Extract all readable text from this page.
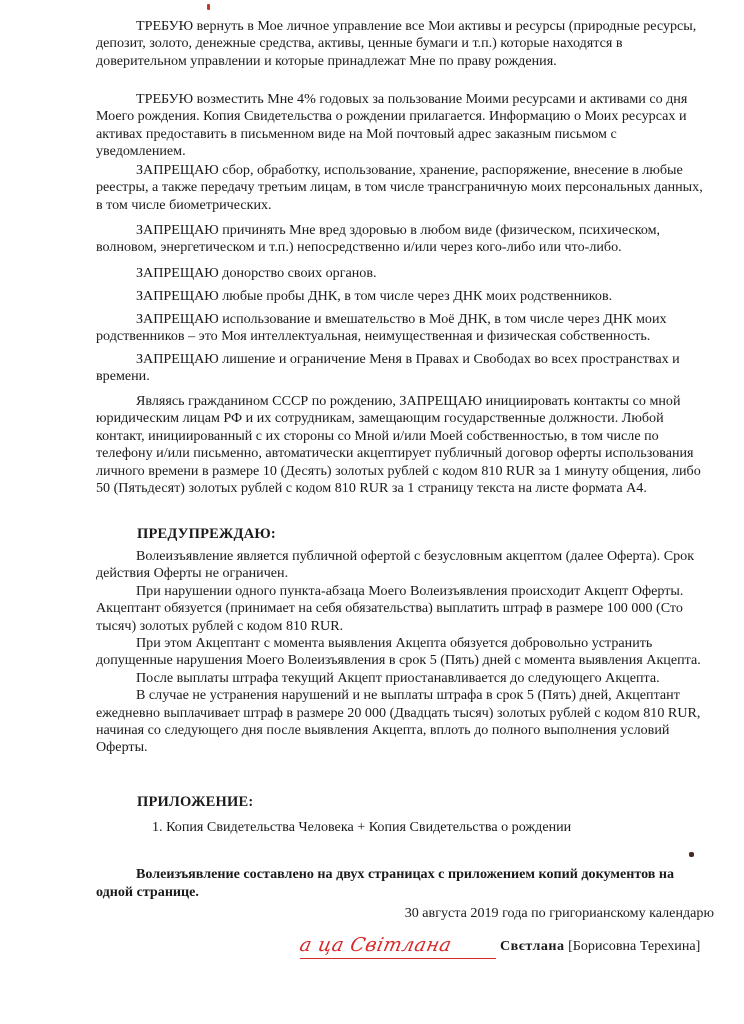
ТРЕБУЮ вернуть в Мое личное управление все Мои активы и ресурсы (природные ресурсы, депозит, золото, денежные средства, активы, ценные бумаги и т.п.) которые находятся в доверительном управлении и которые принадлежат Мне по праву рождения.

ТРЕБУЮ возместить Мне 4% годовых за пользование Моими ресурсами и активами со дня Моего рождения. Копия Свидетельства о рождении прилагается. Информацию о Моих ресурсах и активах предоставить в письменном виде на Мой почтовый адрес заказным письмом с уведомлением.

ЗАПРЕЩАЮ сбор, обработку, использование, хранение, распоряжение, внесение в любые реестры, а также передачу третьим лицам, в том числе трансграничную моих персональных данных, в том числе биометрических.

ЗАПРЕЩАЮ причинять Мне вред здоровью в любом виде (физическом, психическом, волновом, энергетическом и т.п.) непосредственно и/или через кого-либо или что-либо.

ЗАПРЕЩАЮ донорство своих органов.

ЗАПРЕЩАЮ любые пробы ДНК, в том числе через ДНК моих родственников.

ЗАПРЕЩАЮ использование и вмешательство в Моё ДНК, в том числе через ДНК моих родственников – это Моя интеллектуальная, неимущественная и физическая собственность.

ЗАПРЕЩАЮ лишение и ограничение Меня в Правах и Свободах во всех пространствах и времени.

Являясь гражданином СССР по рождению, ЗАПРЕЩАЮ инициировать контакты со мной юридическим лицам РФ и их сотрудникам, замещающим государственные должности. Любой контакт, инициированный с их стороны со Мной и/или Моей собственностью, в том числе по телефону и/или письменно, автоматически акцептирует публичный договор оферты использования личного времени в размере 10 (Десять) золотых рублей с кодом 810 RUR за 1 минуту общения, либо 50 (Пятьдесят) золотых рублей с кодом 810 RUR за 1 страницу текста на листе формата А4.

ПРЕДУПРЕЖДАЮ:

Волеизъявление является публичной офертой с безусловным акцептом (далее Оферта). Срок действия Оферты не ограничен.

При нарушении одного пункта-абзаца Моего Волеизъявления происходит Акцепт Оферты. Акцептант обязуется (принимает на себя обязательства) выплатить штраф в размере 100 000 (Сто тысяч) золотых рублей с кодом 810 RUR.

При этом Акцептант с момента выявления Акцепта обязуется добровольно устранить допущенные нарушения Моего Волеизъявления в срок 5 (Пять) дней с момента выявления Акцепта.

После выплаты штрафа текущий Акцепт приостанавливается до следующего Акцепта.

В случае не устранения нарушений и не выплаты штрафа в срок 5 (Пять) дней, Акцептант ежедневно выплачивает штраф в размере 20 000 (Двадцать тысяч) золотых рублей с кодом 810 RUR, начиная со следующего дня после выявления Акцепта, вплоть до полного выполнения условий Оферты.

ПРИЛОЖЕНИЕ:
1. Копия Свидетельства Человека + Копия Свидетельства о рождении
Волеизъявление составлено на двух страницах с приложением копий документов на одной странице.
30 августа 2019 года по григорианскому календарю
а ца Світлана	Свєтлана [Борисовна Терехина]
